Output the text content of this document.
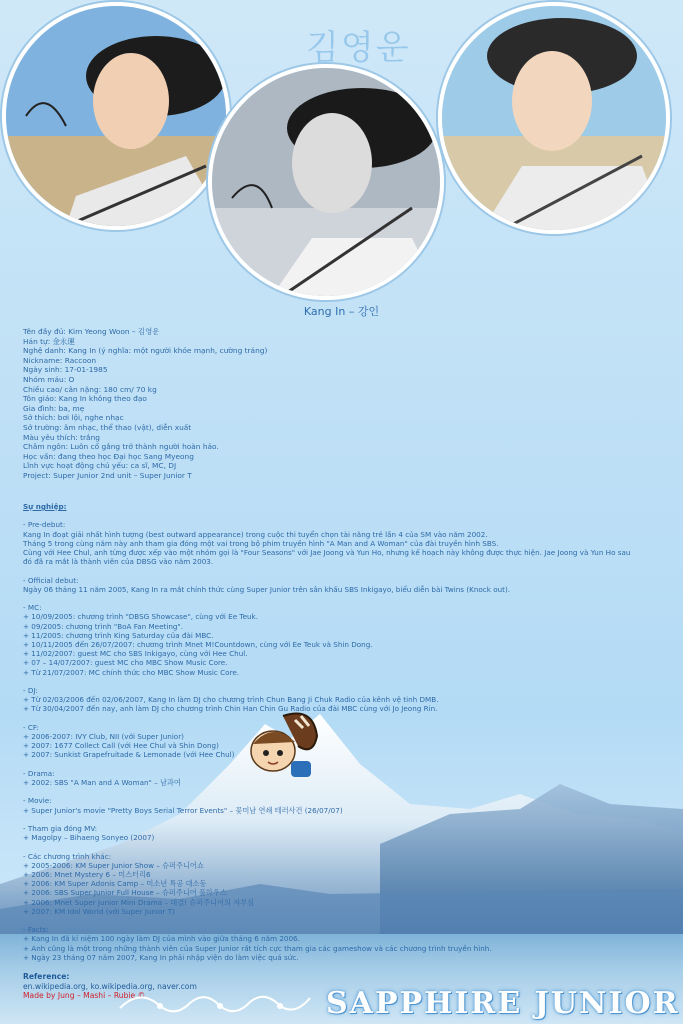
김영운
Kang In – 강인
Tên đầy đủ: Kim Yeong Woon – 김영운
Hán tự: 金永運
Nghệ danh: Kang In (ý nghĩa: một người khỏe mạnh, cường tráng)
Nickname: Raccoon
Ngày sinh: 17-01-1985
Nhóm máu: O
Chiều cao/ cân nặng: 180 cm/ 70 kg
Tôn giáo: Kang In không theo đạo
Gia đình: ba, mẹ
Sở thích: bơi lội, nghe nhạc
Sở trường: âm nhạc, thể thao (vật), diễn xuất
Màu yêu thích: trắng
Châm ngôn: Luôn cố gắng trở thành người hoàn hảo.
Học vấn: đang theo học Đại học Sang Myeong
Lĩnh vực hoạt động chủ yếu: ca sĩ, MC, DJ
Project: Super Junior 2nd unit – Super Junior T
Sự nghiệp:
- Pre-debut:
Kang In đoạt giải nhất hình tượng (best outward appearance) trong cuộc thi tuyển chọn tài năng trẻ lần 4 của SM vào năm 2002.
Tháng 5 trong cùng năm này anh tham gia đóng một vai trong bộ phim truyền hình "A Man and A Woman" của đài truyền hình SBS.
Cùng với Hee Chul, anh từng được xếp vào một nhóm gọi là "Four Seasons" với Jae Joong và Yun Ho, nhưng kế hoạch này không được thực hiện. Jae Joong và Yun Ho sau
đó đã ra mắt là thành viên của DBSG vào năm 2003.
- Official debut:
Ngày 06 tháng 11 năm 2005, Kang In ra mắt chính thức cùng Super Junior trên sân khấu SBS Inkigayo, biểu diễn bài Twins (Knock out).
- MC:
+ 10/09/2005: chương trình "DBSG Showcase", cùng với Ee Teuk.
+ 09/2005: chương trình "BoA Fan Meeting".
+ 11/2005: chương trình King Saturday của đài MBC.
+ 10/11/2005 đến 26/07/2007: chương trình Mnet M!Countdown, cùng với Ee Teuk và Shin Dong.
+ 11/02/2007: guest MC cho SBS Inkigayo, cùng với Hee Chul.
+ 07 – 14/07/2007: guest MC cho MBC Show Music Core.
+ Từ 21/07/2007: MC chính thức cho MBC Show Music Core.
- DJ:
+ Từ 02/03/2006 đến 02/06/2007, Kang In làm DJ cho chương trình Chun Bang Ji Chuk Radio của kênh vệ tinh DMB.
+ Từ 30/04/2007 đến nay, anh làm DJ cho chương trình Chin Han Chin Gu Radio của đài MBC cùng với Jo Jeong Rin.
- CF:
+ 2006-2007: IVY Club, NII (với Super Junior)
+ 2007: 1677 Collect Call (với Hee Chul và Shin Dong)
+ 2007: Sunkist Grapefruitade & Lemonade (với Hee Chul)
- Drama:
+ 2002: SBS "A Man and A Woman" – 남과여
- Movie:
+ Super Junior's movie "Pretty Boys Serial Terror Events" – 꽃미남 연쇄 테러사건 (26/07/07)
- Tham gia đóng MV:
+ Magolpy – Bihaeng Sonyeo (2007)
- Các chương trình khác:
+ 2005-2006: KM Super Junior Show – 슈퍼주니어쇼
+ 2006: Mnet Mystery 6 – 미스터리6
+ 2006: KM Super Adonis Camp – 미소년 특공 대소동
+ 2006: SBS Super Junior Full House – 슈퍼주니어 풀하우스
+ 2006: Mnet Super Junior Mini Drama – 대결! 슈퍼주니어의 자부심
+ 2007: KM Idol World (với Super Junior T)
- Facts:
+ Kang In đã kỉ niệm 100 ngày làm DJ của mình vào giữa tháng 6 năm 2006.
+ Anh cũng là một trong những thành viên của Super Junior rất tích cực tham gia các gameshow và các chương trình truyền hình.
+ Ngày 23 tháng 07 năm 2007, Kang In phải nhập viện do làm việc quá sức.
Reference:
en.wikipedia.org, ko.wikipedia.org, naver.com
Made by Jung – Mashi – Rubie ©	SAPPHIRE JUNIOR
